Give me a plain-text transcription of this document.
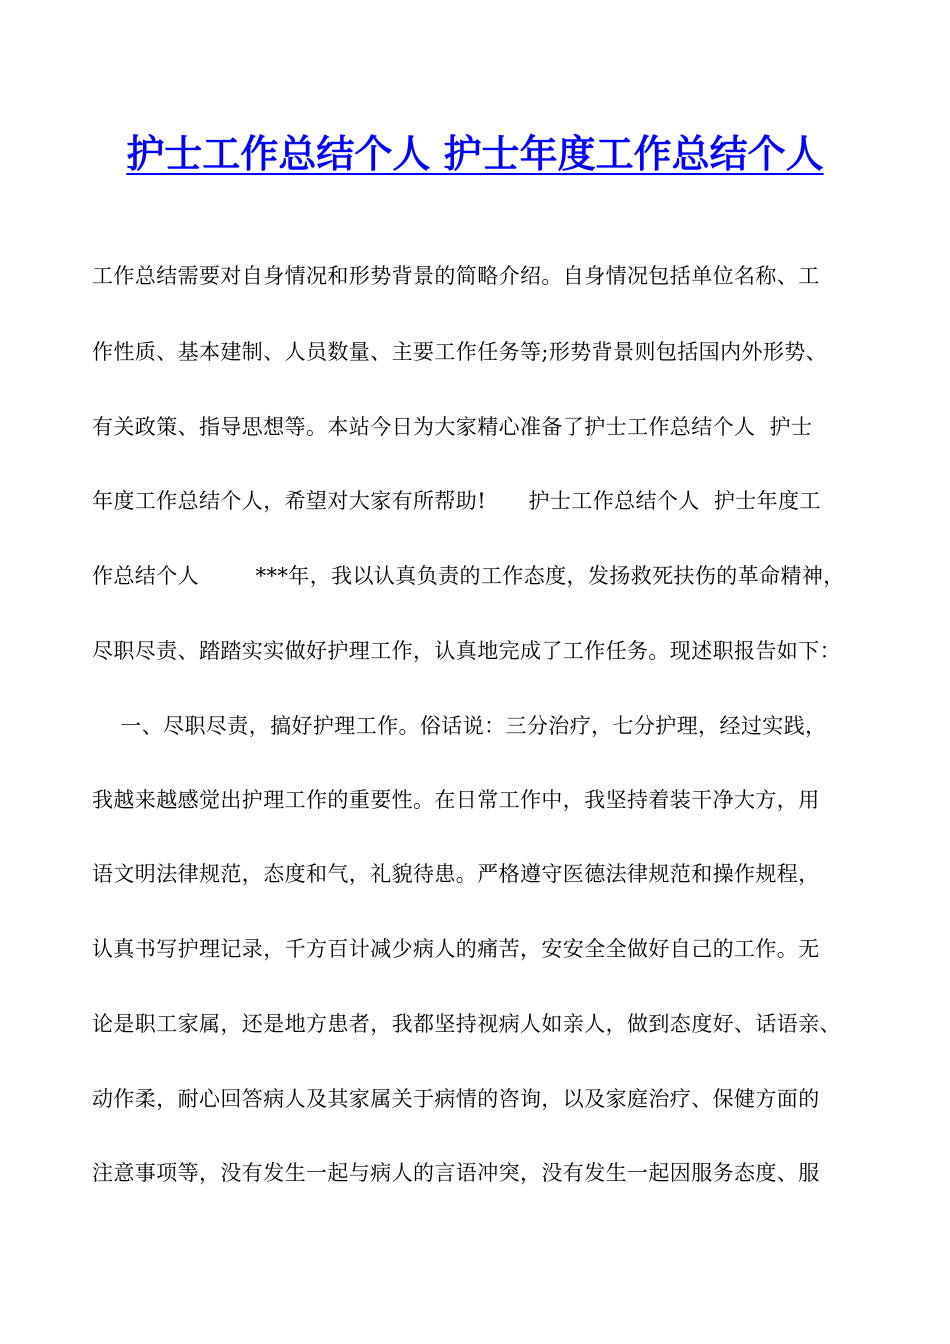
护士工作总结个人 护士年度工作总结个人

工作总结需要对自身情况和形势背景的简略介绍。自身情况包括单位名称、工

作性质、基本建制、人员数量、主要工作任务等;形势背景则包括国内外形势、

有关政策、指导思想等。本站今日为大家精心准备了护士工作总结个人  护士

年度工作总结个人，希望对大家有所帮助!      护士工作总结个人  护士年度工

作总结个人        ***年，我以认真负责的工作态度，发扬救死扶伤的革命精神，

尽职尽责、踏踏实实做好护理工作，认真地完成了工作任务。现述职报告如下：

一、尽职尽责，搞好护理工作。俗话说：三分治疗，七分护理，经过实践，

我越来越感觉出护理工作的重要性。在日常工作中，我坚持着装干净大方，用

语文明法律规范，态度和气，礼貌待患。严格遵守医德法律规范和操作规程，

认真书写护理记录，千方百计减少病人的痛苦，安安全全做好自己的工作。无

论是职工家属，还是地方患者，我都坚持视病人如亲人，做到态度好、话语亲、

动作柔，耐心回答病人及其家属关于病情的咨询，以及家庭治疗、保健方面的

注意事项等，没有发生一起与病人的言语冲突，没有发生一起因服务态度、服
